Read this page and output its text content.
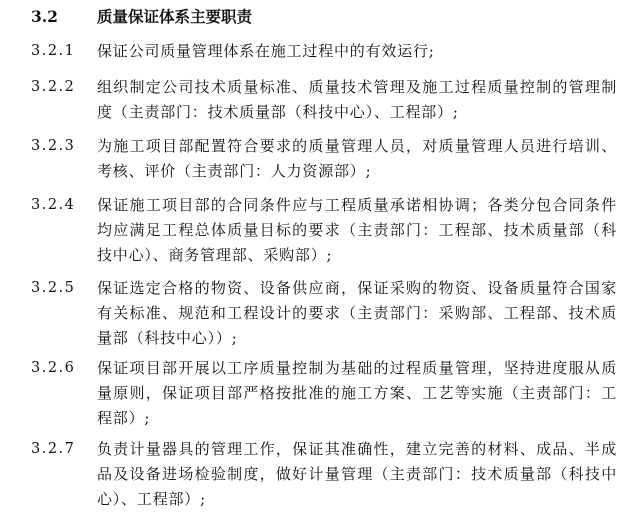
3.2	质量保证体系主要职责
3.2.1 保证公司质量管理体系在施工过程中的有效运行;
3.2.2 组织制定公司技术质量标准、质量技术管理及施工过程质量控制的管理制度（主责部门：技术质量部（科技中心）、工程部）;
3.2.3 为施工项目部配置符合要求的质量管理人员，对质量管理人员进行培训、考核、评价（主责部门：人力资源部）;
3.2.4 保证施工项目部的合同条件应与工程质量承诺相协调；各类分包合同条件均应满足工程总体质量目标的要求（主责部门：工程部、技术质量部（科技中心）、商务管理部、采购部）;
3.2.5 保证选定合格的物资、设备供应商，保证采购的物资、设备质量符合国家有关标准、规范和工程设计的要求（主责部门：采购部、工程部、技术质量部（科技中心））;
3.2.6 保证项目部开展以工序质量控制为基础的过程质量管理，坚持进度服从质量原则，保证项目部严格按批准的施工方案、工艺等实施（主责部门：工程部）;
3.2.7 负责计量器具的管理工作，保证其准确性，建立完善的材料、成品、半成品及设备进场检验制度，做好计量管理（主责部门：技术质量部（科技中心）、工程部）;
